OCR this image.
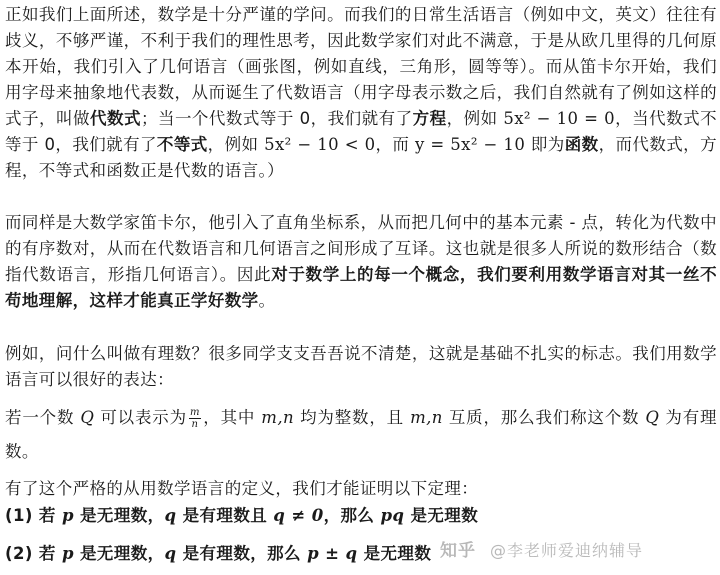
正如我们上面所述，数学是十分严谨的学问。而我们的日常生活语言（例如中文，英文）往往有歧义，不够严谨，不利于我们的理性思考，因此数学家们对此不满意，于是从欧几里得的几何原本开始，我们引入了几何语言（画张图，例如直线，三角形，圆等等）。而从笛卡尔开始，我们用字母来抽象地代表数，从而诞生了代数语言（用字母表示数之后，我们自然就有了例如这样的式子，叫做代数式；当一个代数式等于 0，我们就有了方程，例如 5x² − 10 = 0，当代数式不等于 0，我们就有了不等式，例如 5x² − 10 < 0，而 y = 5x² − 10 即为函数，而代数式，方程，不等式和函数正是代数的语言。）

而同样是大数学家笛卡尔，他引入了直角坐标系，从而把几何中的基本元素 - 点，转化为代数中的有序数对，从而在代数语言和几何语言之间形成了互译。这也就是很多人所说的数形结合（数指代数语言，形指几何语言）。因此对于数学上的每一个概念，我们要利用数学语言对其一丝不苟地理解，这样才能真正学好数学。

例如，问什么叫做有理数？很多同学支支吾吾说不清楚，这就是基础不扎实的标志。我们用数学语言可以很好的表达：

若一个数 Q 可以表示为 $\frac{m}{n}$ ，其中 m,n 均为整数，且 m,n 互质，那么我们称这个数 Q 为有理数。

有了这个严格的从用数学语言的定义，我们才能证明以下定理：

(1) 若 p 是无理数，q 是有理数且 q ≠ 0，那么 pq 是无理数

(2) 若 p 是无理数，q 是有理数，那么 p ± q 是无理数 知乎 @李老师爱迪纳辅导
